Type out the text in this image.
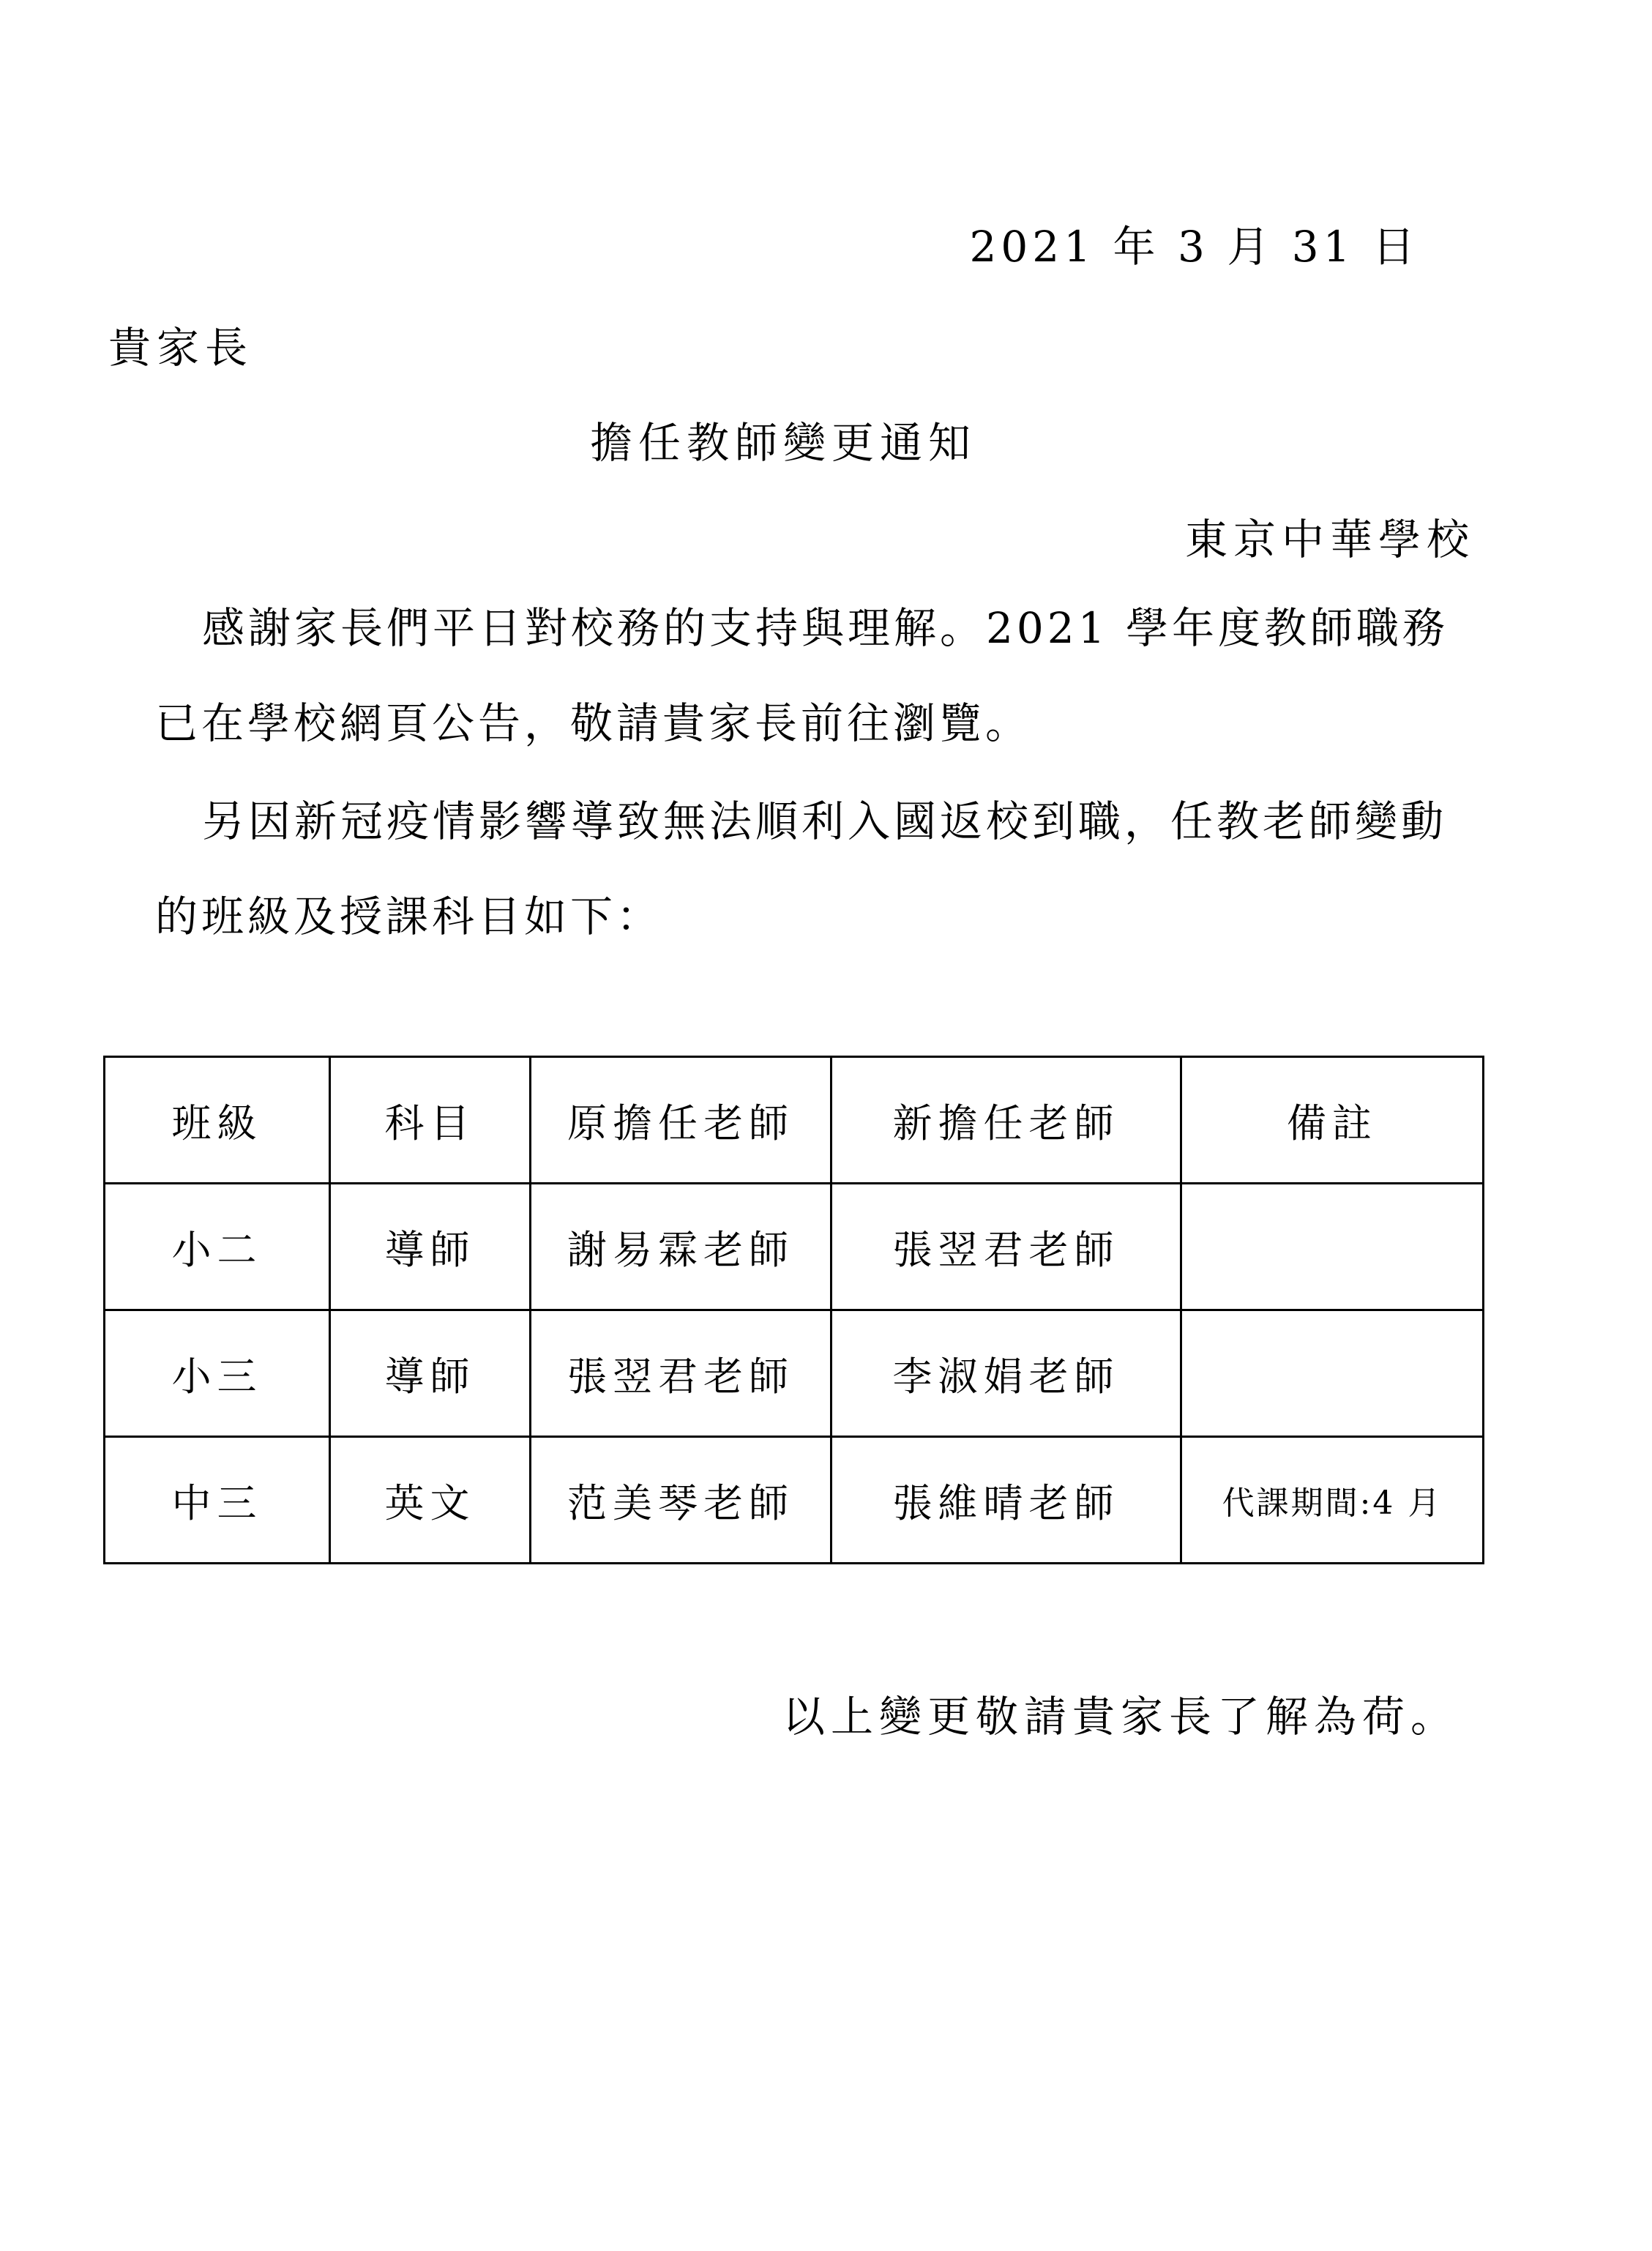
2021 年 3 月 31 日
貴家長
擔任教師變更通知
東京中華學校
感謝家長們平日對校務的支持與理解。2021 學年度教師職務已在學校網頁公告，敬請貴家長前往瀏覽。
另因新冠疫情影響導致無法順利入國返校到職，任教老師變動的班級及授課科目如下：
班級	科目	原擔任老師	新擔任老師	備註
小二	導師	謝易霖老師	張翌君老師	
小三	導師	張翌君老師	李淑娟老師	
中三	英文	范美琴老師	張維晴老師	代課期間:4 月
以上變更敬請貴家長了解為荷。
